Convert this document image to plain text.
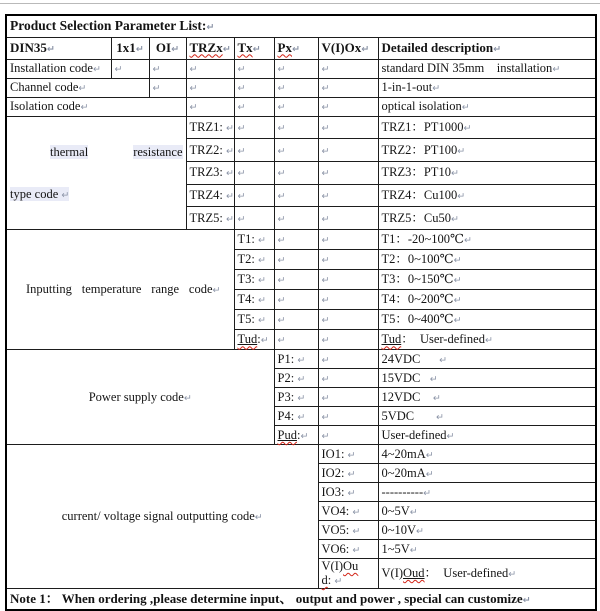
Product Selection Parameter List:↵							
DIN35↵	1x1↵	OI↵	TRZx↵	Tx↵	Px↵	V(I)Ox↵	Detailed description↵
Installation code↵	↵	↵	↵	↵	↵	↵	standard DIN 35mm    installation↵
Channel code↵		↵	↵	↵	↵	↵	1-in-1-out↵
Isolation code↵			↵	↵	↵	↵	optical isolation↵

thermal resistance

type code ↵			TRZ1: ↵	↵	↵	↵	TRZ1：PT1000↵
			TRZ2: ↵	↵	↵	↵	TRZ2：PT100↵
			TRZ3: ↵	↵	↵	↵	TRZ3：PT10↵
			TRZ4: ↵	↵	↵	↵	TRZ4：Cu100↵
			TRZ5: ↵	↵	↵	↵	TRZ5：Cu50↵

Inputting temperature range code↵				T1: ↵	↵	↵	T1：-20~100℃↵
				T2: ↵	↵	↵	T2：0~100℃↵
				T3: ↵	↵	↵	T3：0~150℃↵
				T4: ↵	↵	↵	T4：0~200℃↵
				T5: ↵	↵	↵	T5：0~400℃↵
				Tud:↵	↵	↵	Tud：  User-defined↵
Power supply code↵					P1: ↵	↵	24VDC      ↵
					P2: ↵	↵	15VDC   ↵
					P3: ↵	↵	12VDC    ↵
					P4: ↵	↵	5VDC       ↵
					Pud:↵	↵	User-defined↵
current/ voltage signal outputting code↵						IO1: ↵	4~20mA↵
						IO2: ↵	0~20mA↵
						IO3: ↵	----------↵
						VO4: ↵	0~5V↵
						VO5: ↵	0~10V↵
						VO6: ↵	1~5V↵
						V(I)Ou
d: ↵	V(I)Oud：  User-defined↵
Note 1： When ordering ,please determine input、 output and power , special can customize↵							
